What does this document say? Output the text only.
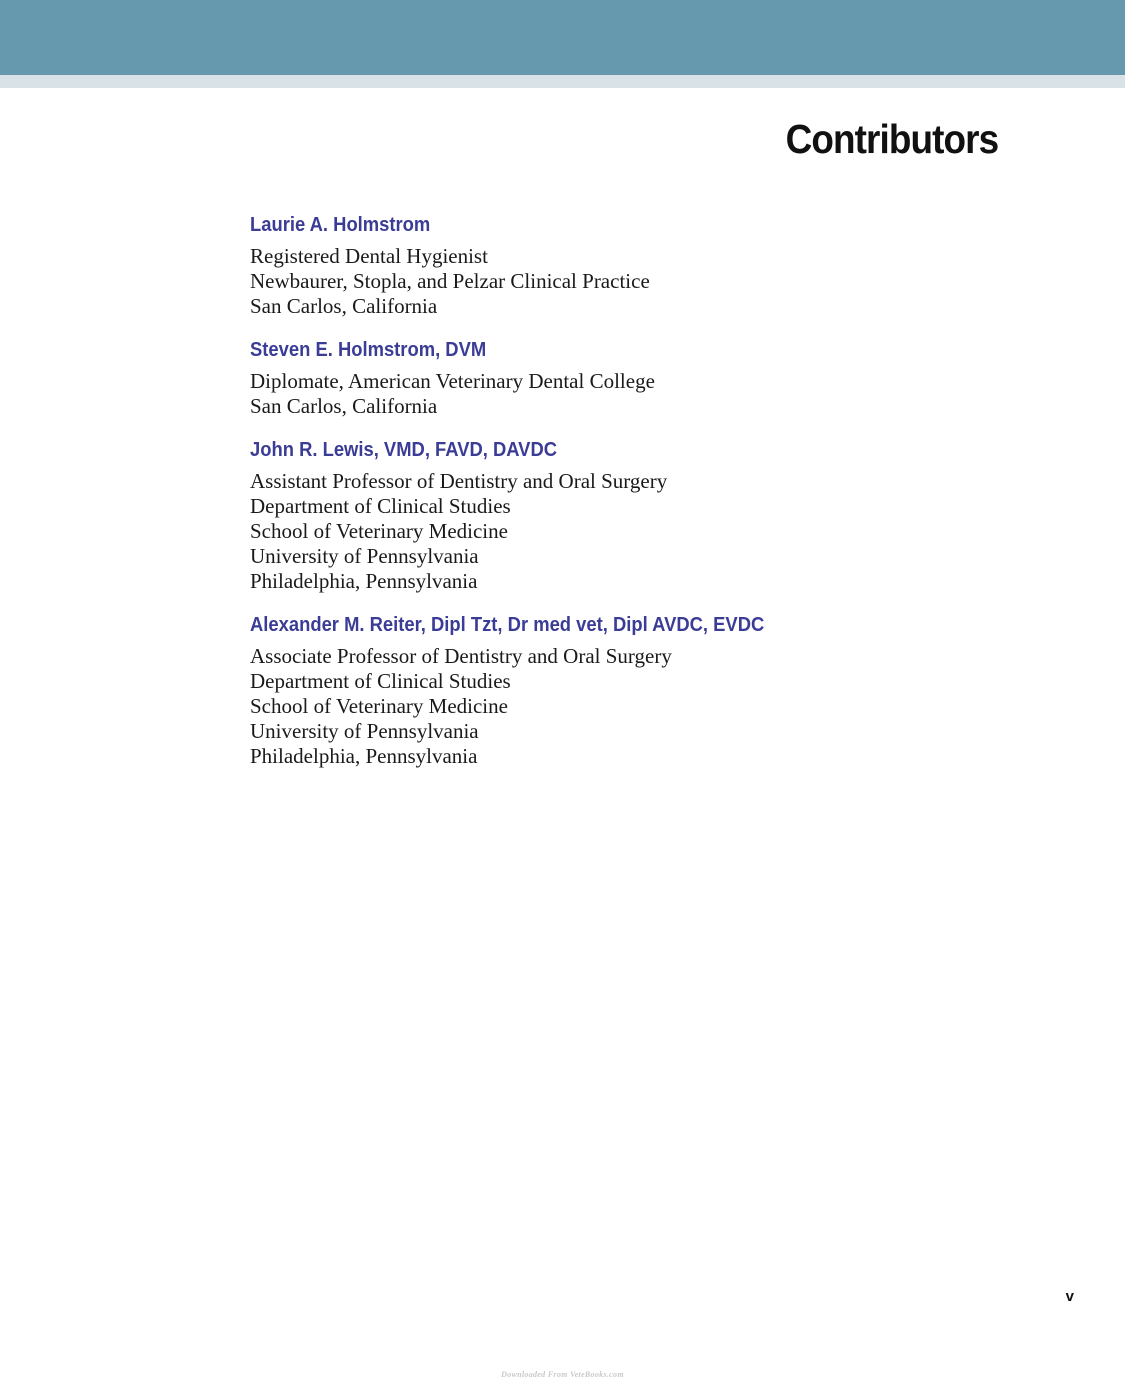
Contributors
Laurie A. Holmstrom
Registered Dental Hygienist
Newbaurer, Stopla, and Pelzar Clinical Practice
San Carlos, California
Steven E. Holmstrom, DVM
Diplomate, American Veterinary Dental College
San Carlos, California
John R. Lewis, VMD, FAVD, DAVDC
Assistant Professor of Dentistry and Oral Surgery
Department of Clinical Studies
School of Veterinary Medicine
University of Pennsylvania
Philadelphia, Pennsylvania
Alexander M. Reiter, Dipl Tzt, Dr med vet, Dipl AVDC, EVDC
Associate Professor of Dentistry and Oral Surgery
Department of Clinical Studies
School of Veterinary Medicine
University of Pennsylvania
Philadelphia, Pennsylvania
v
Downloaded From VeteBooks.com
